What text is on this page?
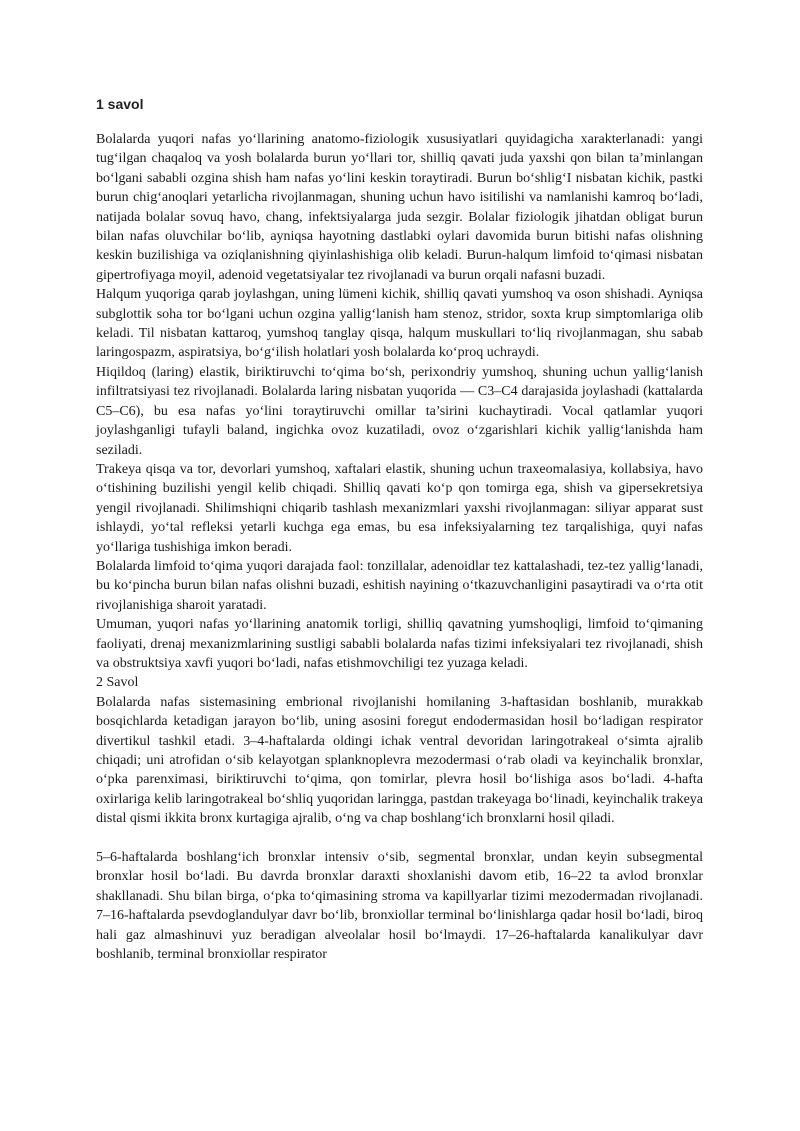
1 savol

Bolalarda yuqori nafas yo‘llarining anatomo-fiziologik xususiyatlari quyidagicha xarakterlanadi: yangi tug‘ilgan chaqaloq va yosh bolalarda burun yo‘llari tor, shilliq qavati juda yaxshi qon bilan ta’minlangan bo‘lgani sababli ozgina shish ham nafas yo‘lini keskin toraytiradi. Burun bo‘shlig‘I nisbatan kichik, pastki burun chig‘anoqlari yetarlicha rivojlanmagan, shuning uchun havo isitilishi va namlanishi kamroq bo‘ladi, natijada bolalar sovuq havo, chang, infektsiyalarga juda sezgir. Bolalar fiziologik jihatdan obligat burun bilan nafas oluvchilar bo‘lib, ayniqsa hayotning dastlabki oylari davomida burun bitishi nafas olishning keskin buzilishiga va oziqlanishning qiyinlashishiga olib keladi. Burun-halqum limfoid to‘qimasi nisbatan gipertrofiyaga moyil, adenoid vegetatsiyalar tez rivojlanadi va burun orqali nafasni buzadi.

Halqum yuqoriga qarab joylashgan, uning lümeni kichik, shilliq qavati yumshoq va oson shishadi. Ayniqsa subglottik soha tor bo‘lgani uchun ozgina yallig‘lanish ham stenoz, stridor, soxta krup simptomlariga olib keladi. Til nisbatan kattaroq, yumshoq tanglay qisqa, halqum muskullari to‘liq rivojlanmagan, shu sabab laringospazm, aspiratsiya, bo‘g‘ilish holatlari yosh bolalarda ko‘proq uchraydi.

Hiqildoq (laring) elastik, biriktiruvchi to‘qima bo‘sh, perixondriy yumshoq, shuning uchun yallig‘lanish infiltratsiyasi tez rivojlanadi. Bolalarda laring nisbatan yuqorida — C3–C4 darajasida joylashadi (kattalarda C5–C6), bu esa nafas yo‘lini toraytiruvchi omillar ta’sirini kuchaytiradi. Vocal qatlamlar yuqori joylashganligi tufayli baland, ingichka ovoz kuzatiladi, ovoz o‘zgarishlari kichik yallig‘lanishda ham seziladi.

Trakeya qisqa va tor, devorlari yumshoq, xaftalari elastik, shuning uchun traxeomalasiya, kollabsiya, havo o‘tishining buzilishi yengil kelib chiqadi. Shilliq qavati ko‘p qon tomirga ega, shish va gipersekretsiya yengil rivojlanadi. Shilimshiqni chiqarib tashlash mexanizmlari yaxshi rivojlanmagan: siliyar apparat sust ishlaydi, yo‘tal refleksi yetarli kuchga ega emas, bu esa infeksiyalarning tez tarqalishiga, quyi nafas yo‘llariga tushishiga imkon beradi.

Bolalarda limfoid to‘qima yuqori darajada faol: tonzillalar, adenoidlar tez kattalashadi, tez-tez yallig‘lanadi, bu ko‘pincha burun bilan nafas olishni buzadi, eshitish nayining o‘tkazuvchanligini pasaytiradi va o‘rta otit rivojlanishiga sharoit yaratadi.

Umuman, yuqori nafas yo‘llarining anatomik torligi, shilliq qavatning yumshoqligi, limfoid to‘qimaning faoliyati, drenaj mexanizmlarining sustligi sababli bolalarda nafas tizimi infeksiyalari tez rivojlanadi, shish va obstruktsiya xavfi yuqori bo‘ladi, nafas etishmovchiligi tez yuzaga keladi.

2 Savol

Bolalarda nafas sistemasining embrional rivojlanishi homilaning 3-haftasidan boshlanib, murakkab bosqichlarda ketadigan jarayon bo‘lib, uning asosini foregut endodermasidan hosil bo‘ladigan respirator divertikul tashkil etadi. 3–4-haftalarda oldingi ichak ventral devoridan laringotrakeal o‘simta ajralib chiqadi; uni atrofidan o‘sib kelayotgan splanknoplevra mezodermasi o‘rab oladi va keyinchalik bronxlar, o‘pka parenximasi, biriktiruvchi to‘qima, qon tomirlar, plevra hosil bo‘lishiga asos bo‘ladi. 4-hafta oxirlariga kelib laringotrakeal bo‘shliq yuqoridan laringga, pastdan trakeyaga bo‘linadi, keyinchalik trakeya distal qismi ikkita bronx kurtagiga ajralib, o‘ng va chap boshlang‘ich bronxlarni hosil qiladi.

5–6-haftalarda boshlang‘ich bronxlar intensiv o‘sib, segmental bronxlar, undan keyin subsegmental bronxlar hosil bo‘ladi. Bu davrda bronxlar daraxti shoxlanishi davom etib, 16–22 ta avlod bronxlar shakllanadi. Shu bilan birga, o‘pka to‘qimasining stroma va kapillyarlar tizimi mezodermadan rivojlanadi. 7–16-haftalarda psevdoglandulyar davr bo‘lib, bronxiollar terminal bo‘linishlarga qadar hosil bo‘ladi, biroq hali gaz almashinuvi yuz beradigan alveolalar hosil bo‘lmaydi. 17–26-haftalarda kanalikulyar davr boshlanib, terminal bronxiollar respirator
